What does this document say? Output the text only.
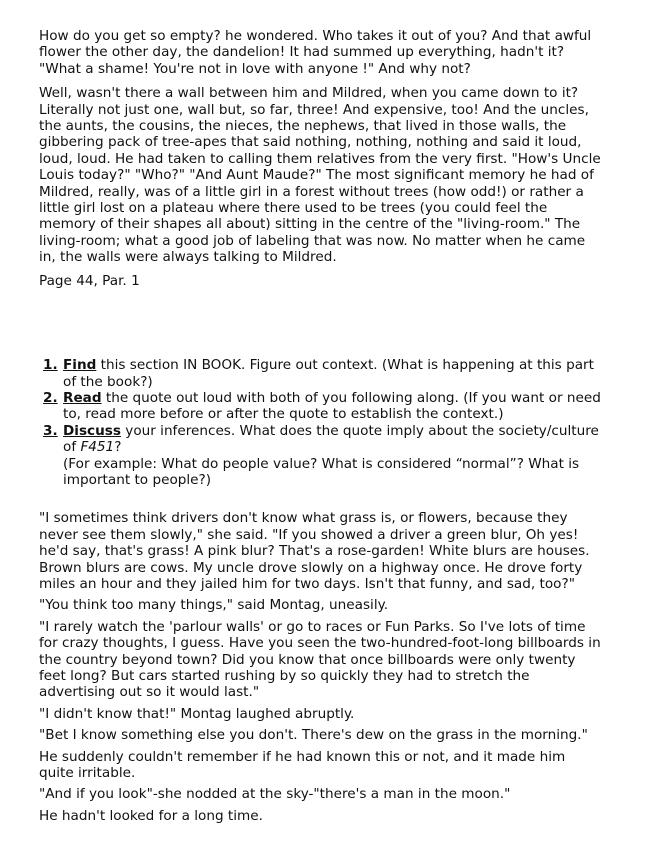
How do you get so empty? he wondered. Who takes it out of you? And that awful
flower the other day, the dandelion! It had summed up everything, hadn't it?
"What a shame! You're not in love with anyone !" And why not?

Well, wasn't there a wall between him and Mildred, when you came down to it?
Literally not just one, wall but, so far, three! And expensive, too! And the uncles,
the aunts, the cousins, the nieces, the nephews, that lived in those walls, the
gibbering pack of tree-apes that said nothing, nothing, nothing and said it loud,
loud, loud. He had taken to calling them relatives from the very first. "How's Uncle
Louis today?" "Who?" "And Aunt Maude?" The most significant memory he had of
Mildred, really, was of a little girl in a forest without trees (how odd!) or rather a
little girl lost on a plateau where there used to be trees (you could feel the
memory of their shapes all about) sitting in the centre of the "living-room." The
living-room; what a good job of labeling that was now. No matter when he came
in, the walls were always talking to Mildred.

Page 44, Par. 1

1. Find this section IN BOOK. Figure out context. (What is happening at this part
of the book?)
2. Read the quote out loud with both of you following along. (If you want or need
to, read more before or after the quote to establish the context.)
3. Discuss your inferences. What does the quote imply about the society/culture
of F451?
(For example: What do people value? What is considered “normal”? What is
important to people?)

"I sometimes think drivers don't know what grass is, or flowers, because they
never see them slowly," she said. "If you showed a driver a green blur, Oh yes!
he'd say, that's grass! A pink blur? That's a rose-garden! White blurs are houses.
Brown blurs are cows. My uncle drove slowly on a highway once. He drove forty
miles an hour and they jailed him for two days. Isn't that funny, and sad, too?"

"You think too many things," said Montag, uneasily.

"I rarely watch the 'parlour walls' or go to races or Fun Parks. So I've lots of time
for crazy thoughts, I guess. Have you seen the two-hundred-foot-long billboards in
the country beyond town? Did you know that once billboards were only twenty
feet long? But cars started rushing by so quickly they had to stretch the
advertising out so it would last."

"I didn't know that!" Montag laughed abruptly.

"Bet I know something else you don't. There's dew on the grass in the morning."

He suddenly couldn't remember if he had known this or not, and it made him
quite irritable.

"And if you look"-she nodded at the sky-"there's a man in the moon."

He hadn't looked for a long time.
